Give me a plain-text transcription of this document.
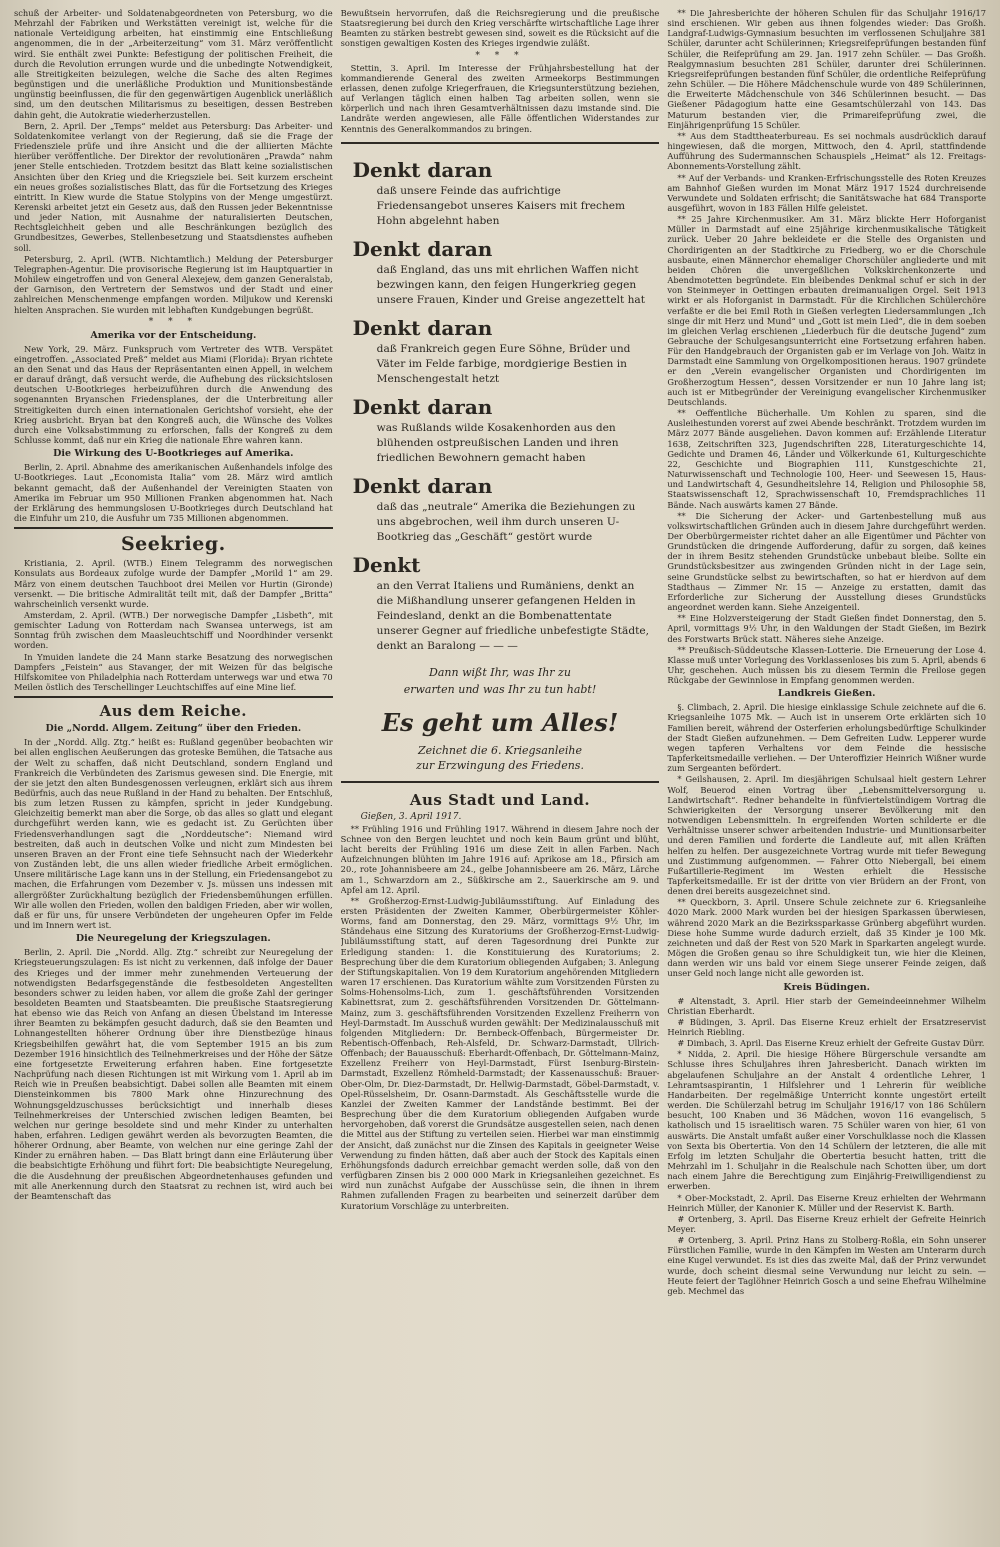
schuß der Arbeiter- und Soldatenabgeordneten von Petersburg, wo die Mehrzahl der Fabriken und Werkstätten vereinigt ist, welche für die nationale Verteidigung arbeiten, hat einstimmig eine Entschließung angenommen, die in der „Arbeiterzeitung“ vom 31. März veröffentlicht wird. Sie enthält zwei Punkte: Befestigung der politischen Freiheit, die durch die Revolution errungen wurde und die unbedingte Notwendigkeit, alle Streitigkeiten beizulegen, welche die Sache des alten Regimes begünstigen und die unerläßliche Produktion und Munitionsbestände ungünstig beeinflussen, die für den gegenwärtigen Augenblick unerläßlich sind, um den deutschen Militarismus zu beseitigen, dessen Bestreben dahin geht, die Autokratie wiederherzustellen.

Bern, 2. April. Der „Temps“ meldet aus Petersburg: Das Arbeiter- und Soldatenkomitee verlangt von der Regierung, daß sie die Frage der Friedensziele prüfe und ihre Ansicht und die der alliierten Mächte hierüber veröffentliche. Der Direktor der revolutionären „Prawda“ nahm jener Stelle entschieden. Trotzdem besitzt das Blatt keine sozialistischen Ansichten über den Krieg und die Kriegsziele bei. Seit kurzem erscheint ein neues großes sozialistisches Blatt, das für die Fortsetzung des Krieges eintritt. In Kiew wurde die Statue Stolypins von der Menge umgestürzt. Kerenski arbeitet jetzt ein Gesetz aus, daß den Russen jeder Bekenntnisse und jeder Nation, mit Ausnahme der naturalisierten Deutschen, Rechtsgleichheit geben und alle Beschränkungen bezüglich des Grundbesitzes, Gewerbes, Stellenbesetzung und Staatsdienstes aufheben soll.

Petersburg, 2. April. (WTB. Nichtamtlich.) Meldung der Petersburger Telegraphen-Agentur. Die provisorische Regierung ist im Hauptquartier in Mohilew eingetroffen und von General Alexejew, dem ganzen Generalstab, der Garnison, den Vertretern der Semstwos und der Stadt und einer zahlreichen Menschenmenge empfangen worden. Miljukow und Kerenski hielten Ansprachen. Sie wurden mit lebhaften Kundgebungen begrüßt.

* * *
Amerika vor der Entscheidung.

New York, 29. März. Funkspruch vom Vertreter des WTB. Verspätet eingetroffen. „Associated Preß“ meldet aus Miami (Florida): Bryan richtete an den Senat und das Haus der Repräsentanten einen Appell, in welchem er darauf drängt, daß versucht werde, die Aufhebung des rücksichtslosen deutschen U-Bootkrieges herbeizuführen durch die Anwendung des sogenannten Bryanschen Friedensplanes, der die Unterbreitung aller Streitigkeiten durch einen internationalen Gerichtshof vorsieht, ehe der Krieg ausbricht. Bryan bat den Kongreß auch, die Wünsche des Volkes durch eine Volksabstimmung zu erforschen, falls der Kongreß zu dem Schlusse kommt, daß nur ein Krieg die nationale Ehre wahren kann.

Die Wirkung des U-Bootkrieges auf Amerika.

Berlin, 2. April. Abnahme des amerikanischen Außenhandels infolge des U-Bootkrieges. Laut „Economista Italia“ vom 28. März wird amtlich bekannt gemacht, daß der Außenhandel der Vereinigten Staaten von Amerika im Februar um 950 Millionen Franken abgenommen hat. Nach der Erklärung des hemmungslosen U-Bootkrieges durch Deutschland hat die Einfuhr um 210, die Ausfuhr um 735 Millionen abgenommen.

Seekrieg.

Kristiania, 2. April. (WTB.) Einem Telegramm des norwegischen Konsulats aus Bordeaux zufolge wurde der Dampfer „Morild 1“ am 29. März von einem deutschen Tauchboot drei Meilen vor Hurtin (Gironde) versenkt. — Die britische Admiralität teilt mit, daß der Dampfer „Britta“ wahrscheinlich versenkt wurde.

Amsterdam, 2. April. (WTB.) Der norwegische Dampfer „Lisbeth“, mit gemischter Ladung von Rotterdam nach Swansea unterwegs, ist am Sonntag früh zwischen dem Maasleuchtschiff und Noordhinder versenkt worden.

In Ymuiden landete die 24 Mann starke Besatzung des norwegischen Dampfers „Feistein“ aus Stavanger, der mit Weizen für das belgische Hilfskomitee von Philadelphia nach Rotterdam unterwegs war und etwa 70 Meilen östlich des Terschellinger Leuchtschiffes auf eine Mine lief.

Aus dem Reiche.
Die „Nordd. Allgem. Zeitung“ über den Frieden.

In der „Nordd. Allg. Ztg.“ heißt es: Rußland gegenüber beobachten wir bei allen englischen Aeußerungen das groteske Bemühen, die Tatsache aus der Welt zu schaffen, daß nicht Deutschland, sondern England und Frankreich die Verbündeten des Zarismus gewesen sind. Die Energie, mit der sie jetzt den alten Bundesgenossen verleugnen, erklärt sich aus ihrem Bedürfnis, auch das neue Rußland in der Hand zu behalten. Der Entschluß, bis zum letzen Russen zu kämpfen, spricht in jeder Kundgebung. Gleichzeitig bemerkt man aber die Sorge, ob das alles so glatt und elegant durchgeführt werden kann, wie es gedacht ist. Zu Gerüchten über Friedensverhandlungen sagt die „Norddeutsche“: Niemand wird bestreiten, daß auch in deutschen Volke und nicht zum Mindesten bei unseren Braven an der Front eine tiefe Sehnsucht nach der Wiederkehr von Zuständen lebt, die uns allen wieder friedliche Arbeit ermöglichen. Unsere militärische Lage kann uns in der Stellung, ein Friedensangebot zu machen, die Erfahrungen vom Dezember v. Js. müssen uns indessen mit allergrößter Zurückhaltung bezüglich der Friedensbemühungen erfüllen. Wir alle wollen den Frieden, wollen den baldigen Frieden, aber wir wollen, daß er für uns, für unsere Verbündeten der ungeheuren Opfer im Felde und im Innern wert ist.

Die Neuregelung der Kriegszulagen.

Berlin, 2. April. Die „Nordd. Allg. Ztg.“ schreibt zur Neuregelung der Kriegsteuerungszulagen: Es ist nicht zu verkennen, daß infolge der Dauer des Krieges und der immer mehr zunehmenden Verteuerung der notwendigsten Bedarfsgegenstände die festbesoldeten Angestellten besonders schwer zu leiden haben, vor allem die große Zahl der geringer besoldeten Beamten und Staatsbeamten. Die preußische Staatsregierung hat ebenso wie das Reich von Anfang an diesen Übelstand im Interesse ihrer Beamten zu bekämpfen gesucht dadurch, daß sie den Beamten und Lohnangestellten höherer Ordnung über ihre Dienstbezüge hinaus Kriegsbeihilfen gewährt hat, die vom September 1915 an bis zum Dezember 1916 hinsichtlich des Teilnehmerkreises und der Höhe der Sätze eine fortgesetzte Erweiterung erfahren haben. Eine fortgesetzte Nachprüfung nach diesen Richtungen ist mit Wirkung vom 1. April ab im Reich wie in Preußen beabsichtigt. Dabei sollen alle Beamten mit einem Diensteinkommen bis 7800 Mark ohne Hinzurechnung des Wohnungsgeldzuschusses berücksichtigt und innerhalb dieses Teilnehmerkreises der Unterschied zwischen ledigen Beamten, bei welchen nur geringe besoldete sind und mehr Kinder zu unterhalten haben, erfahren. Ledigen gewährt werden als bevorzugten Beamten, die höherer Ordnung, aber Beamte, von welchen nur eine geringe Zahl der Kinder zu ernähren haben. — Das Blatt bringt dann eine Erläuterung über die beabsichtigte Erhöhung und führt fort: Die beabsichtigte Neuregelung, die die Ausdehnung der preußischen Abgeordnetenhauses gefunden und mit alle Anerkennung durch den Staatsrat zu rechnen ist, wird auch bei der Beamtenschaft das

Bewußtsein hervorrufen, daß die Reichsregierung und die preußische Staatsregierung bei durch den Krieg verschärfte wirtschaftliche Lage ihrer Beamten zu stärken bestrebt gewesen sind, soweit es die Rücksicht auf die sonstigen gewaltigen Kosten des Krieges irgendwie zuläßt.

* * *

Stettin, 3. April. Im Interesse der Frühjahrsbestellung hat der kommandierende General des zweiten Armeekorps Bestimmungen erlassen, denen zufolge Kriegerfrauen, die Kriegsunterstützung beziehen, auf Verlangen täglich einen halben Tag arbeiten sollen, wenn sie körperlich und nach ihren Gesamtverhältnissen dazu imstande sind. Die Landräte werden angewiesen, alle Fälle öffentlichen Widerstandes zur Kenntnis des Generalkommandos zu bringen.

Denkt daran
daß unsere Feinde das aufrichtige Friedensangebot unseres Kaisers mit frechem Hohn abgelehnt haben
Denkt daran
daß England, das uns mit ehrlichen Waffen nicht bezwingen kann, den feigen Hungerkrieg gegen unsere Frauen, Kinder und Greise angezettelt hat
Denkt daran
daß Frankreich gegen Eure Söhne, Brüder und Väter im Felde farbige, mordgierige Bestien in Menschengestalt hetzt
Denkt daran
was Rußlands wilde Kosakenhorden aus den blühenden ostpreußischen Landen und ihren friedlichen Bewohnern gemacht haben
Denkt daran
daß das „neutrale“ Amerika die Beziehungen zu uns abgebrochen, weil ihm durch unseren U-Bootkrieg das „Geschäft“ gestört wurde
Denkt
an den Verrat Italiens und Rumäniens, denkt an die Mißhandlung unserer gefangenen Helden in Feindesland, denkt an die Bombenattentate unserer Gegner auf friedliche unbefestigte Städte, denkt an Baralong — — —
Dann wißt Ihr, was Ihr zu
erwarten und was Ihr zu tun habt!
Es geht um Alles!
Zeichnet die 6. Kriegsanleihe
zur Erzwingung des Friedens.
Aus Stadt und Land.
Gießen, 3. April 1917.

** Frühling 1916 und Frühling 1917. Während in diesem Jahre noch der Schnee von den Bergen leuchtet und noch kein Baum grünt und blüht, lacht bereits der Frühling 1916 um diese Zeit in allen Farben. Nach Aufzeichnungen blühten im Jahre 1916 auf: Aprikose am 18., Pfirsich am 20., rote Johannisbeere am 24., gelbe Johannisbeere am 26. März, Lärche am 1., Schwarzdorn am 2., Süßkirsche am 2., Sauerkirsche am 9. und Apfel am 12. April.

** Großherzog-Ernst-Ludwig-Jubiläumsstiftung. Auf Einladung des ersten Präsidenten der Zweiten Kammer, Oberbürgermeister Köhler-Worms, fand am Donnerstag, den 29. März, vormittags 9½ Uhr, im Ständehaus eine Sitzung des Kuratoriums der Großherzog-Ernst-Ludwig-Jubiläumsstiftung statt, auf deren Tagesordnung drei Punkte zur Erledigung standen: 1. die Konstituierung des Kuratoriums; 2. Besprechung über die dem Kuratorium obliegenden Aufgaben; 3. Anlegung der Stiftungskapitalien. Von 19 dem Kuratorium angehörenden Mitgliedern waren 17 erschienen. Das Kuratorium wählte zum Vorsitzenden Fürsten zu Solms-Hohensolms-Lich, zum 1. geschäftsführenden Vorsitzenden Kabinettsrat, zum 2. geschäftsführenden Vorsitzenden Dr. Göttelmann-Mainz, zum 3. geschäftsführenden Vorsitzenden Exzellenz Freiherrn von Heyl-Darmstadt. Im Ausschuß wurden gewählt: Der Medizinalausschuß mit folgenden Mitgliedern: Dr. Bernbeck-Offenbach, Bürgermeister Dr. Rebentisch-Offenbach, Reh-Alsfeld, Dr. Schwarz-Darmstadt, Ullrich-Offenbach; der Bauausschuß: Eberhardt-Offenbach, Dr. Göttelmann-Mainz, Exzellenz Freiherr von Heyl-Darmstadt, Fürst Isenburg-Birstein-Darmstadt, Exzellenz Römheld-Darmstadt; der Kassenausschuß: Brauer-Ober-Olm, Dr. Diez-Darmstadt, Dr. Hellwig-Darmstadt, Göbel-Darmstadt, v. Opel-Rüsselsheim, Dr. Osann-Darmstadt. Als Geschäftsstelle wurde die Kanzlei der Zweiten Kammer der Landstände bestimmt. Bei der Besprechung über die dem Kuratorium obliegenden Aufgaben wurde hervorgehoben, daß vorerst die Grundsätze ausgestellen seien, nach denen die Mittel aus der Stiftung zu verteilen seien. Hierbei war man einstimmig der Ansicht, daß zunächst nur die Zinsen des Kapitals in geeigneter Weise Verwendung zu finden hätten, daß aber auch der Stock des Kapitals einen Erhöhungsfonds dadurch erreichbar gemacht werden solle, daß von den verfügbaren Zinsen bis 2 000 000 Mark in Kriegsanleihen gezeichnet. Es wird nun zunächst Aufgabe der Ausschüsse sein, die ihnen in ihrem Rahmen zufallenden Fragen zu bearbeiten und seinerzeit darüber dem Kuratorium Vorschläge zu unterbreiten.

** Die Jahresberichte der höheren Schulen für das Schuljahr 1916/17 sind erschienen. Wir geben aus ihnen folgendes wieder: Das Großh. Landgraf-Ludwigs-Gymnasium besuchten im verflossenen Schuljahre 381 Schüler, darunter acht Schülerinnen; Kriegsreifeprüfungen bestanden fünf Schüler, die Reifeprüfung am 29. Jan. 1917 zehn Schüler. — Das Großh. Realgymnasium besuchten 281 Schüler, darunter drei Schülerinnen. Kriegsreifeprüfungen bestanden fünf Schüler, die ordentliche Reifeprüfung zehn Schüler. — Die Höhere Mädchenschule wurde von 489 Schülerinnen, die Erweiterte Mädchenschule von 346 Schülerinnen besucht. — Das Gießener Pädagogium hatte eine Gesamtschülerzahl von 143. Das Maturum bestanden vier, die Primareifeprüfung zwei, die Einjährigenprüfung 15 Schüler.

** Aus dem Stadttheaterbureau. Es sei nochmals ausdrücklich darauf hingewiesen, daß die morgen, Mittwoch, den 4. April, stattfindende Aufführung des Sudermannschen Schauspiels „Heimat“ als 12. Freitags-Abonnements-Vorstellung zählt.

** Auf der Verbands- und Kranken-Erfrischungsstelle des Roten Kreuzes am Bahnhof Gießen wurden im Monat März 1917 1524 durchreisende Verwundete und Soldaten erfrischt; die Sanitätswache hat 684 Transporte ausgeführt, wovon in 183 Fällen Hilfe geleistet.

** 25 Jahre Kirchenmusiker. Am 31. März blickte Herr Hoforganist Müller in Darmstadt auf eine 25jährige kirchenmusikalische Tätigkeit zurück. Ueber 20 Jahre bekleidete er die Stelle des Organisten und Chordirigenten an der Stadtkirche zu Friedberg, wo er die Chorschule ausbaute, einen Männerchor ehemaliger Chorschüler angliederte und mit beiden Chören die unvergeßlichen Volkskirchenkonzerte und Abendmotetten begründete. Ein bleibendes Denkmal schuf er sich in der von Steinmeyer in Oettingen erbauten dreimanualigen Orgel. Seit 1913 wirkt er als Hoforganist in Darmstadt. Für die Kirchlichen Schülerchöre verfaßte er die bei Emil Roth in Gießen verlegten Liedersammlungen „Ich singe dir mit Herz und Mund“ und „Gott ist mein Lied“, die in dem soeben im gleichen Verlag erschienen „Liederbuch für die deutsche Jugend“ zum Gebrauche der Schulgesangsunterricht eine Fortsetzung erfahren haben. Für den Handgebrauch der Organisten gab er im Verlage von Joh. Waitz in Darmstadt eine Sammlung von Orgelkompositionen heraus. 1907 gründete er den „Verein evangelischer Organisten und Chordirigenten im Großherzogtum Hessen“, dessen Vorsitzender er nun 10 Jahre lang ist; auch ist er Mitbegründer der Vereinigung evangelischer Kirchenmusiker Deutschlands.

** Oeffentliche Bücherhalle. Um Kohlen zu sparen, sind die Ausleihestunden vorerst auf zwei Abende beschränkt. Trotzdem wurden im März 2077 Bände ausgeliehen. Davon kommen auf: Erzählende Literatur 1638, Zeitschriften 323, Jugendschriften 228, Literaturgeschichte 14, Gedichte und Dramen 46, Länder und Völkerkunde 61, Kulturgeschichte 22, Geschichte und Biographien 111, Kunstgeschichte 21, Naturwissenschaft und Technologie 100, Heer- und Seewesen 15, Haus- und Landwirtschaft 4, Gesundheitslehre 14, Religion und Philosophie 58, Staatswissenschaft 12, Sprachwissenschaft 10, Fremdsprachliches 11 Bände. Nach auswärts kamen 27 Bände.

** Die Sicherung der Acker- und Gartenbestellung muß aus volkswirtschaftlichen Gründen auch in diesem Jahre durchgeführt werden. Der Oberbürgermeister richtet daher an alle Eigentümer und Pächter von Grundstücken die dringende Aufforderung, dafür zu sorgen, daß keines der in ihrem Besitz stehenden Grundstücke unbebaut bleibe. Sollte ein Grundstücksbesitzer aus zwingenden Gründen nicht in der Lage sein, seine Grundstücke selbst zu bewirtschaften, so hat er hierdvon auf dem Stadthaus — Zimmer Nr. 15 — Anzeige zu erstatten, damit das Erforderliche zur Sicherung der Ausstellung dieses Grundstücks angeordnet werden kann. Siehe Anzeigenteil.

** Eine Holzversteigerung der Stadt Gießen findet Donnerstag, den 5. April, vormittags 9½ Uhr, in den Waldungen der Stadt Gießen, im Bezirk des Forstwarts Brück statt. Näheres siehe Anzeige.

** Preußisch-Süddeutsche Klassen-Lotterie. Die Erneuerung der Lose 4. Klasse muß unter Vorlegung des Vorklassenloses bis zum 5. April, abends 6 Uhr, geschehen. Auch müssen bis zu diesem Termin die Freilose gegen Rückgabe der Gewinnlose in Empfang genommen werden.

Landkreis Gießen.

§. Climbach, 2. April. Die hiesige einklassige Schule zeichnete auf die 6. Kriegsanleihe 1075 Mk. — Auch ist in unserem Orte erklärten sich 10 Familien bereit, während der Osterferien erholungsbedürftige Schulkinder der Stadt Gießen aufzunehmen. — Dem Gefreiten Ludw. Lepperer wurde wegen tapferen Verhaltens vor dem Feinde die hessische Tapferkeitsmedaille verliehen. — Der Unteroffizier Heinrich Wißner wurde zum Sergeanten befördert.

* Geilshausen, 2. April. Im diesjährigen Schulsaal hielt gestern Lehrer Wolf, Beuerod einen Vortrag über „Lebensmittelversorgung u. Landwirtschaft“. Redner behandelte in fünfviertelstündigem Vortrag die Schwierigkeiten der Versorgung unserer Bevölkerung mit den notwendigen Lebensmitteln. In ergreifenden Worten schilderte er die Verhältnisse unserer schwer arbeitenden Industrie- und Munitionsarbeiter und deren Familien und forderte die Landleute auf, mit allen Kräften helfen zu helfen. Der ausgezeichnete Vortrag wurde mit tiefer Bewegung und Zustimmung aufgenommen. — Fahrer Otto Niebergall, bei einem Fußartillerie-Regiment im Westen erhielt die Hessische Tapferkeitsmedaille. Er ist der dritte von vier Brüdern an der Front, von denen drei bereits ausgezeichnet sind.

** Queckborn, 3. April. Unsere Schule zeichnete zur 6. Kriegsanleihe 4020 Mark. 2000 Mark wurden bei der hiesigen Sparkassen überwiesen, während 2020 Mark an die Bezirkssparkasse Grünberg abgeführt wurden. Diese hohe Summe wurde dadurch erzielt, daß 35 Kinder je 100 Mk. zeichneten und daß der Rest von 520 Mark in Sparkarten angelegt wurde. Mögen die Großen genau so ihre Schuldigkeit tun, wie hier die Kleinen, dann werden wir uns bald vor einem Siege unserer Feinde zeigen, daß unser Geld noch lange nicht alle geworden ist.

Kreis Büdingen.

# Altenstadt, 3. April. Hier starb der Gemeindeeinnehmer Wilhelm Christian Eberhardt.

# Büdingen, 3. April. Das Eiserne Kreuz erhielt der Ersatzreservist Heinrich Riebling.

# Dimbach, 3. April. Das Eiserne Kreuz erhielt der Gefreite Gustav Dürr.

* Nidda, 2. April. Die hiesige Höhere Bürgerschule versandte am Schlusse ihres Schuljahres ihren Jahresbericht. Danach wirkten im abgelaufenen Schuljahre an der Anstalt 4 ordentliche Lehrer, 1 Lehramtsaspirantin, 1 Hilfslehrer und 1 Lehrerin für weibliche Handarbeiten. Der regelmäßige Unterricht konnte ungestört erteilt werden. Die Schülerzahl betrug im Schuljahr 1916/17 von 186 Schülern besucht, 100 Knaben und 36 Mädchen, wovon 116 evangelisch, 5 katholisch und 15 israelitisch waren. 75 Schüler waren von hier, 61 von auswärts. Die Anstalt umfaßt außer einer Vorschulklasse noch die Klassen von Sexta bis Obertertia. Von den 14 Schülern der letzteren, die alle mit Erfolg im letzten Schuljahr die Obertertia besucht hatten, tritt die Mehrzahl im 1. Schuljahr in die Realschule nach Schotten über, um dort nach einem Jahre die Berechtigung zum Einjährig-Freiwilligendienst zu erwerben.

* Ober-Mockstadt, 2. April. Das Eiserne Kreuz erhielten der Wehrmann Heinrich Müller, der Kanonier K. Müller und der Reservist K. Barth.

# Ortenberg, 3. April. Das Eiserne Kreuz erhielt der Gefreite Heinrich Meyer.

# Ortenberg, 3. April. Prinz Hans zu Stolberg-Roßla, ein Sohn unserer Fürstlichen Familie, wurde in den Kämpfen im Westen am Unterarm durch eine Kugel verwundet. Es ist dies das zweite Mal, daß der Prinz verwundet wurde, doch scheint diesmal seine Verwundung nur leicht zu sein. — Heute feiert der Taglöhner Heinrich Gosch a und seine Ehefrau Wilhelmine geb. Mechmel das
